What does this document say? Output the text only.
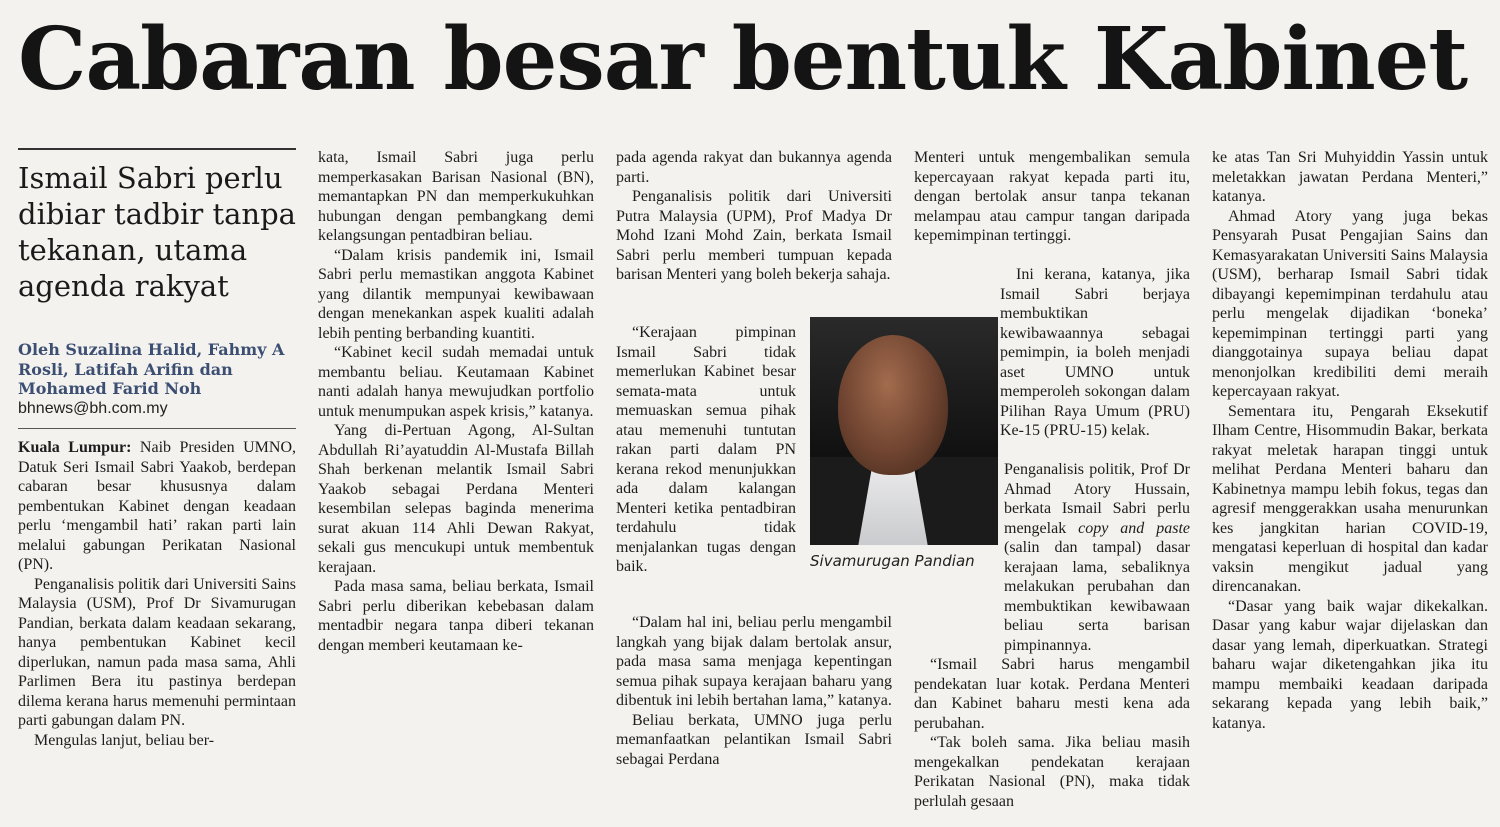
Cabaran besar bentuk Kabinet
Ismail Sabri perlu dibiar tadbir tanpa tekanan, utama agenda rakyat
Oleh Suzalina Halid, Fahmy A Rosli, Latifah Arifin dan Mohamed Farid Noh
bhnews@bh.com.my

Kuala Lumpur: Naib Presiden UMNO, Datuk Seri Ismail Sabri Yaakob, berdepan cabaran besar khususnya dalam pembentukan Kabinet dengan keadaan perlu ‘mengambil hati’ rakan parti lain melalui gabungan Perikatan Nasional (PN).

Penganalisis politik dari Universiti Sains Malaysia (USM), Prof Dr Sivamurugan Pandian, berkata dalam keadaan sekarang, hanya pembentukan Kabinet kecil diperlukan, namun pada masa sama, Ahli Parlimen Bera itu pastinya berdepan dilema kerana harus memenuhi permintaan parti gabungan dalam PN.

Mengulas lanjut, beliau ber-

kata, Ismail Sabri juga perlu memperkasakan Barisan Nasional (BN), memantapkan PN dan memperkukuhkan hubungan dengan pembangkang demi kelangsungan pentadbiran beliau.

“Dalam krisis pandemik ini, Ismail Sabri perlu memastikan anggota Kabinet yang dilantik mempunyai kewibawaan dengan menekankan aspek kualiti adalah lebih penting berbanding kuantiti.

“Kabinet kecil sudah memadai untuk membantu beliau. Keutamaan Kabinet nanti adalah hanya mewujudkan portfolio untuk menumpukan aspek krisis,” katanya.

Yang di-Pertuan Agong, Al-Sultan Abdullah Ri’ayatuddin Al-Mustafa Billah Shah berkenan melantik Ismail Sabri Yaakob sebagai Perdana Menteri kesembilan selepas baginda menerima surat akuan 114 Ahli Dewan Rakyat, sekali gus mencukupi untuk membentuk kerajaan.

Pada masa sama, beliau berkata, Ismail Sabri perlu diberikan kebebasan dalam mentadbir negara tanpa diberi tekanan dengan memberi keutamaan ke-

pada agenda rakyat dan bukannya agenda parti.

Penganalisis politik dari Universiti Putra Malaysia (UPM), Prof Madya Dr Mohd Izani Mohd Zain, berkata Ismail Sabri perlu memberi tumpuan kepada barisan Menteri yang boleh bekerja sahaja.

“Kerajaan pimpinan Ismail Sabri tidak memerlukan Kabinet besar semata-mata untuk memuaskan semua pihak atau memenuhi tuntutan rakan parti dalam PN kerana rekod menunjukkan ada dalam kalangan Menteri ketika pentadbiran terdahulu tidak menjalankan tugas dengan baik.

“Dalam hal ini, beliau perlu mengambil langkah yang bijak dalam bertolak ansur, pada masa sama menjaga kepentingan semua pihak supaya kerajaan baharu yang dibentuk ini lebih bertahan lama,” katanya.

Beliau berkata, UMNO juga perlu memanfaatkan pelantikan Ismail Sabri sebagai Perdana

Sivamurugan Pandian

Menteri untuk mengembalikan semula kepercayaan rakyat kepada parti itu, dengan bertolak ansur tanpa tekanan melampau atau campur tangan daripada kepemimpinan tertinggi.

Ini kerana, katanya, jika Ismail Sabri berjaya membuktikan kewibawaannya sebagai pemimpin, ia boleh menjadi aset UMNO untuk memperoleh sokongan dalam Pilihan Raya Umum (PRU) Ke-15 (PRU-15) kelak.

Penganalisis politik, Prof Dr Ahmad Atory Hussain, berkata Ismail Sabri perlu mengelak copy and paste (salin dan tampal) dasar kerajaan lama, sebaliknya melakukan perubahan dan membuktikan kewibawaan beliau serta barisan pimpinannya.

“Ismail Sabri harus mengambil pendekatan luar kotak. Perdana Menteri dan Kabinet baharu mesti kena ada perubahan.

“Tak boleh sama. Jika beliau masih mengekalkan pendekatan kerajaan Perikatan Nasional (PN), maka tidak perlulah gesaan

ke atas Tan Sri Muhyiddin Yassin untuk meletakkan jawatan Perdana Menteri,” katanya.

Ahmad Atory yang juga bekas Pensyarah Pusat Pengajian Sains dan Kemasyarakatan Universiti Sains Malaysia (USM), berharap Ismail Sabri tidak dibayangi kepemimpinan terdahulu atau perlu mengelak dijadikan ‘boneka’ kepemimpinan tertinggi parti yang dianggotainya supaya beliau dapat menonjolkan kredibiliti demi meraih kepercayaan rakyat.

Sementara itu, Pengarah Eksekutif Ilham Centre, Hisommudin Bakar, berkata rakyat meletak harapan tinggi untuk melihat Perdana Menteri baharu dan Kabinetnya mampu lebih fokus, tegas dan agresif menggerakkan usaha menurunkan kes jangkitan harian COVID-19, mengatasi keperluan di hospital dan kadar vaksin mengikut jadual yang direncanakan.

“Dasar yang baik wajar dikekalkan. Dasar yang kabur wajar dijelaskan dan dasar yang lemah, diperkuatkan. Strategi baharu wajar diketengahkan jika itu mampu membaiki keadaan daripada sekarang kepada yang lebih baik,” katanya.
